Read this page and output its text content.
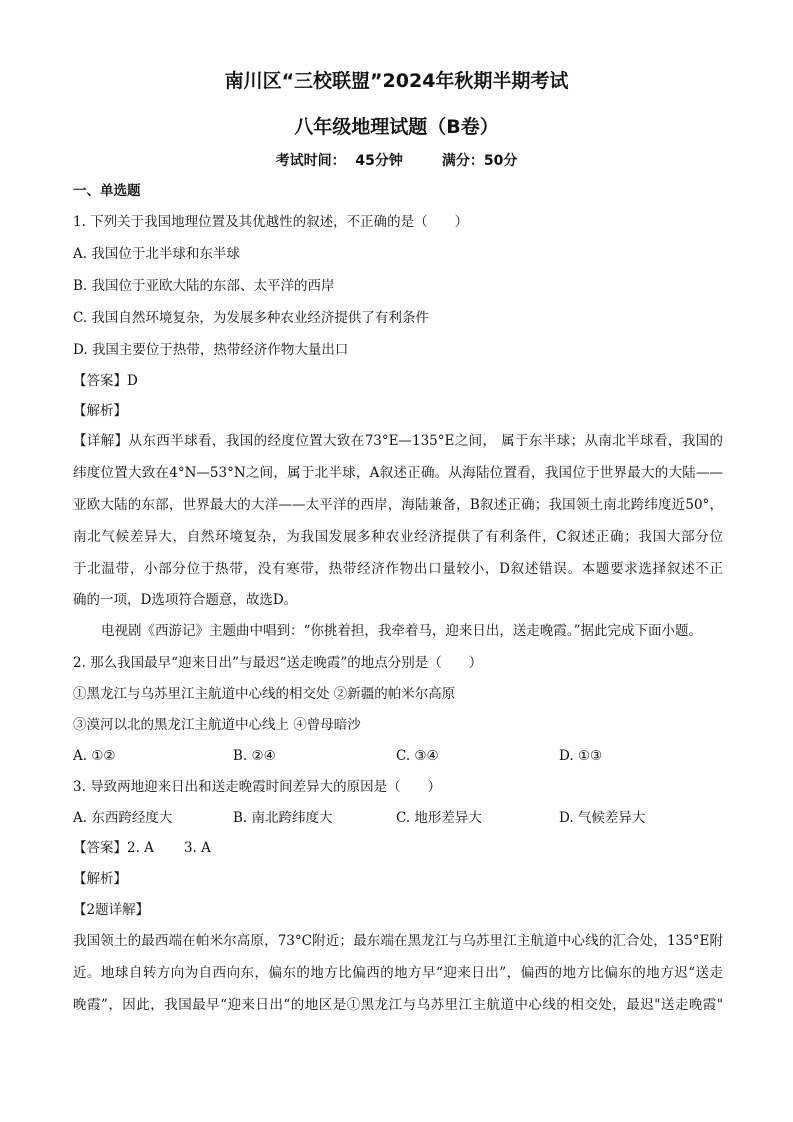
南川区“三校联盟”2024年秋期半期考试
八年级地理试题（B卷）
考试时间：  45分钟        满分：50分
一、单选题
1. 下列关于我国地理位置及其优越性的叙述，不正确的是（　　）
A. 我国位于北半球和东半球
B. 我国位于亚欧大陆的东部、太平洋的西岸
C. 我国自然环境复杂，为发展多种农业经济提供了有利条件
D. 我国主要位于热带，热带经济作物大量出口
【答案】D
【解析】
【详解】从东西半球看，我国的经度位置大致在73°E—135°E之间， 属于东半球；从南北半球看，我国的
纬度位置大致在4°N—53°N之间，属于北半球，A叙述正确。从海陆位置看，我国位于世界最大的大陆——
亚欧大陆的东部，世界最大的大洋——太平洋的西岸，海陆兼备，B叙述正确；我国领土南北跨纬度近50°，
南北气候差异大，自然环境复杂，为我国发展多种农业经济提供了有利条件，C叙述正确；我国大部分位
于北温带，小部分位于热带，没有寒带，热带经济作物出口量较小，D叙述错误。本题要求选择叙述不正
确的一项，D选项符合题意，故选D。
电视剧《西游记》主题曲中唱到：“你挑着担，我牵着马，迎来日出，送走晚霞。”据此完成下面小题。
2. 那么我国最早“迎来日出”与最迟“送走晚霞”的地点分别是（　　）
①黑龙江与乌苏里江主航道中心线的相交处 ②新疆的帕米尔高原
③漠河以北的黑龙江主航道中心线上 ④曾母暗沙
A. ①②	B. ②④	C. ③④	D. ①③
3. 导致两地迎来日出和送走晚霞时间差异大的原因是（　　）
A. 东西跨经度大	B. 南北跨纬度大	C. 地形差异大	D. 气候差异大
【答案】2. A       3. A
【解析】
【2题详解】
我国领土的最西端在帕米尔高原，73°C附近；最东端在黑龙江与乌苏里江主航道中心线的汇合处，135°E附
近。地球自转方向为自西向东，偏东的地方比偏西的地方早“迎来日出”，偏西的地方比偏东的地方迟“送走
晚霞”，因此，我国最早“迎来日出“的地区是①黑龙江与乌苏里江主航道中心线的相交处，最迟"送走晚霞"
